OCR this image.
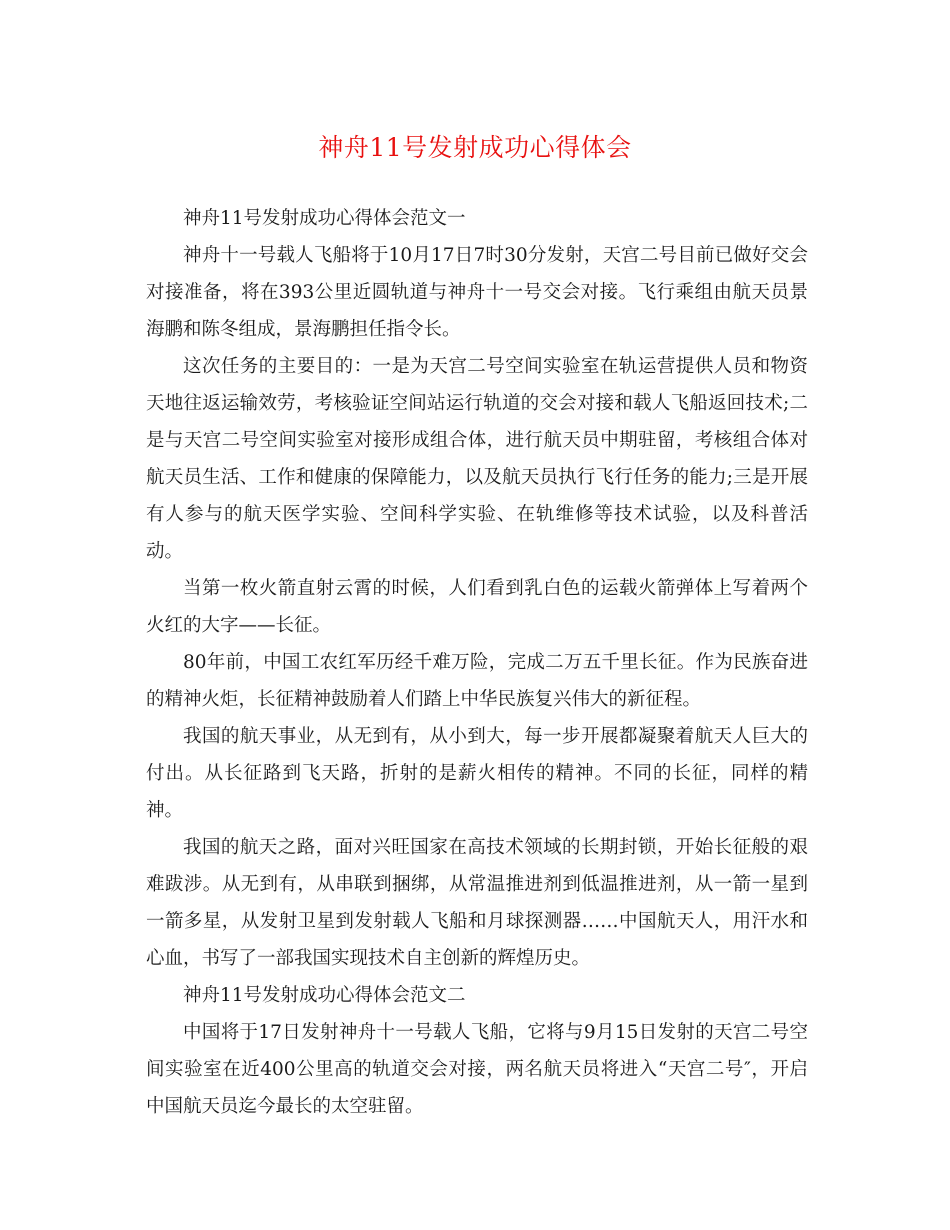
神舟11号发射成功心得体会

神舟11号发射成功心得体会范文一

神舟十一号载人飞船将于10月17日7时30分发射，天宫二号目前已做好交会对接准备，将在393公里近圆轨道与神舟十一号交会对接。飞行乘组由航天员景海鹏和陈冬组成，景海鹏担任指令长。

这次任务的主要目的：一是为天宫二号空间实验室在轨运营提供人员和物资天地往返运输效劳，考核验证空间站运行轨道的交会对接和载人飞船返回技术;二是与天宫二号空间实验室对接形成组合体，进行航天员中期驻留，考核组合体对航天员生活、工作和健康的保障能力，以及航天员执行飞行任务的能力;三是开展有人参与的航天医学实验、空间科学实验、在轨维修等技术试验，以及科普活动。

当第一枚火箭直射云霄的时候，人们看到乳白色的运载火箭弹体上写着两个火红的大字——长征。

80年前，中国工农红军历经千难万险，完成二万五千里长征。作为民族奋进的精神火炬，长征精神鼓励着人们踏上中华民族复兴伟大的新征程。

我国的航天事业，从无到有，从小到大，每一步开展都凝聚着航天人巨大的付出。从长征路到飞天路，折射的是薪火相传的精神。不同的长征，同样的精神。

我国的航天之路，面对兴旺国家在高技术领域的长期封锁，开始长征般的艰难跋涉。从无到有，从串联到捆绑，从常温推进剂到低温推进剂，从一箭一星到一箭多星，从发射卫星到发射载人飞船和月球探测器……中国航天人，用汗水和心血，书写了一部我国实现技术自主创新的辉煌历史。

神舟11号发射成功心得体会范文二

中国将于17日发射神舟十一号载人飞船，它将与9月15日发射的天宫二号空间实验室在近400公里高的轨道交会对接，两名航天员将进入“天宫二号″，开启中国航天员迄今最长的太空驻留。
